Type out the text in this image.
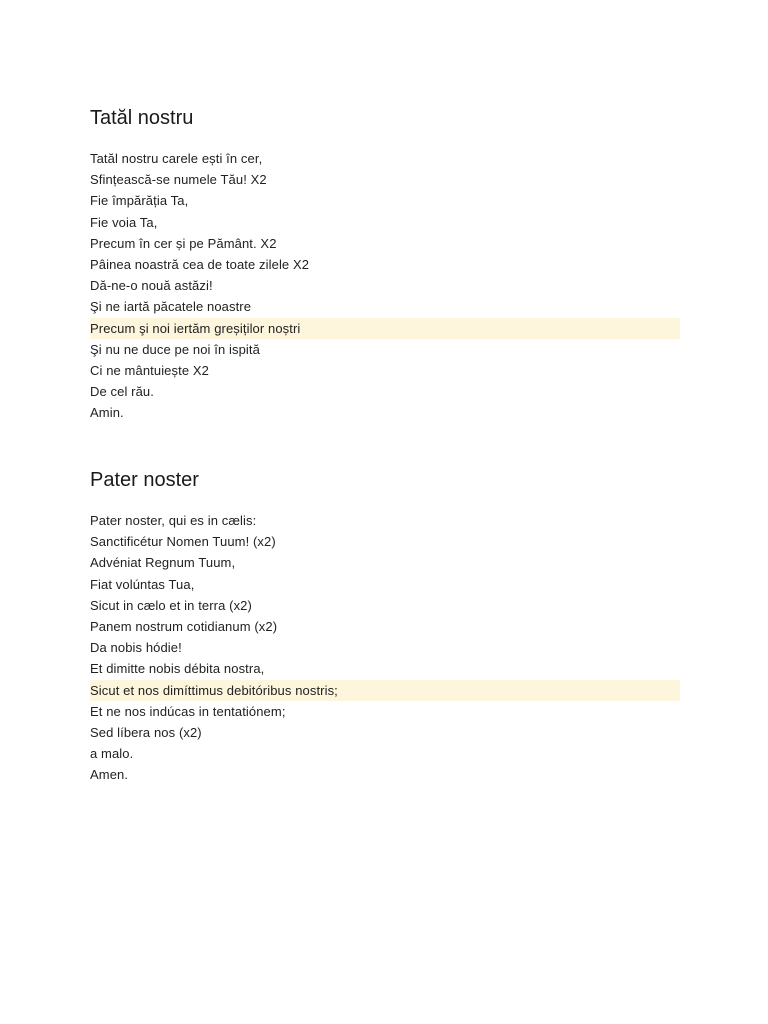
Tatăl nostru
Tatăl nostru carele ești în cer,
Sfințească-se numele Tău! X2
Fie împărăția Ta,
Fie voia Ta,
Precum în cer și pe Pământ. X2
Pâinea noastră cea de toate zilele X2
Dă-ne-o nouă astăzi!
Şi ne iartă păcatele noastre
Precum şi noi iertăm greșiților noștri
Şi nu ne duce pe noi în ispită
Ci ne mântuiește X2
De cel rău.
Amin.
Pater noster
Pater noster, qui es in cælis:
Sanctificétur Nomen Tuum! (x2)
Advéniat Regnum Tuum,
Fiat volúntas Tua,
Sicut in cælo et in terra (x2)
Panem nostrum cotidianum (x2)
Da nobis hódie!
Et dimitte nobis débita nostra,
Sicut et nos dimíttimus debitóribus nostris;
Et ne nos indúcas in tentatiónem;
Sed líbera nos (x2)
a malo.
Amen.
